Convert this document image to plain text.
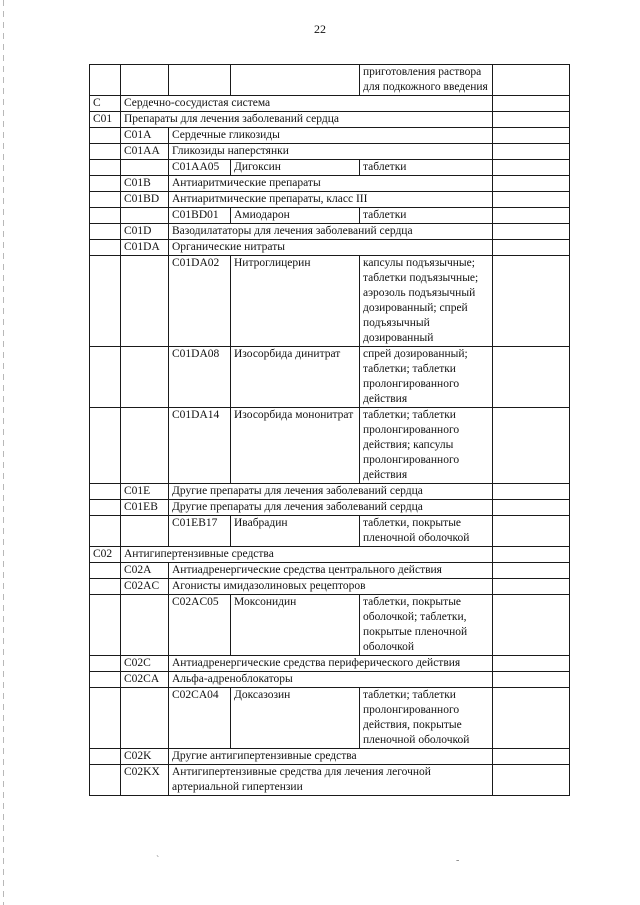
22
				приготовления раствора для подкожного введения	
C	Сердечно-сосудистая система				
C01	Препараты для лечения заболеваний сердца				
	C01A	Сердечные гликозиды			
	C01AA	Гликозиды наперстянки			
		C01AA05	Дигоксин	таблетки	
	C01B	Антиаритмические препараты			
	C01BD	Антиаритмические препараты, класс III			
		C01BD01	Амиодарон	таблетки	
	C01D	Вазодилататоры для лечения заболеваний сердца			
	C01DA	Органические нитраты			
		C01DA02	Нитроглицерин	капсулы подъязычные; таблетки подъязычные; аэрозоль подъязычный дозированный; спрей подъязычный дозированный	
		C01DA08	Изосорбида динитрат	спрей дозированный; таблетки; таблетки пролонгированного действия	
		C01DA14	Изосорбида мононитрат	таблетки; таблетки пролонгированного действия; капсулы пролонгированного действия	
	C01E	Другие препараты для лечения заболеваний сердца			
	C01EB	Другие препараты для лечения заболеваний сердца			
		C01EB17	Ивабрадин	таблетки, покрытые пленочной оболочкой	
C02	Антигипертензивные средства				
	C02A	Антиадренергические средства центрального действия			
	C02AC	Агонисты имидазолиновых рецепторов			
		C02AC05	Моксонидин	таблетки, покрытые оболочкой; таблетки, покрытые пленочной оболочкой	
	C02C	Антиадренергические средства периферического действия			
	C02CA	Альфа-адреноблокаторы			
		C02CA04	Доксазозин	таблетки; таблетки пролонгированного действия, покрытые пленочной оболочкой	
	C02K	Другие антигипертензивные средства			
	C02KX	Антигипертензивные средства для лечения легочной артериальной гипертензии			
`	-
